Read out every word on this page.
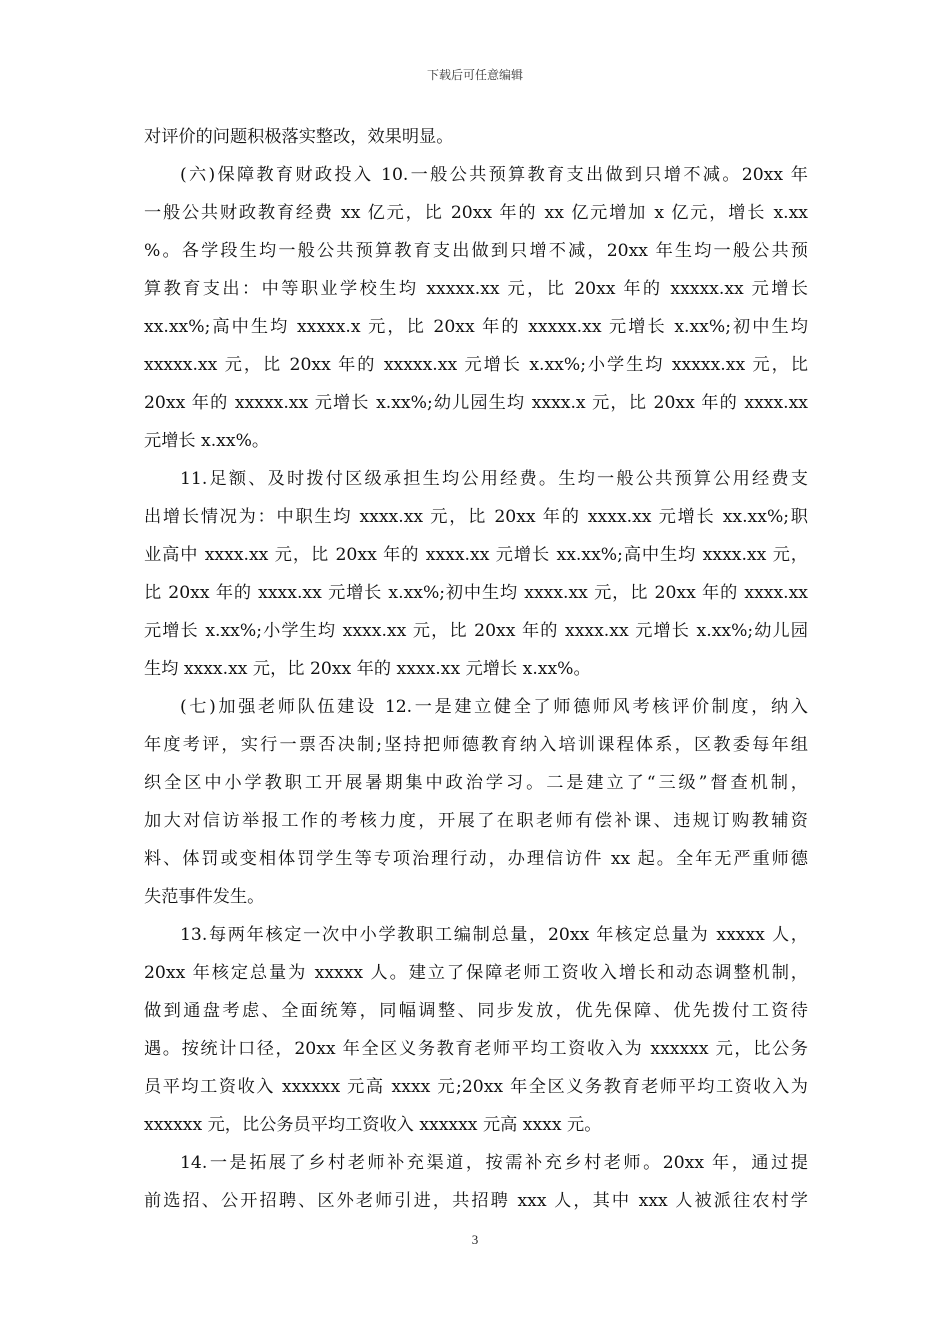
下载后可任意编辑
对评价的问题积极落实整改，效果明显。
(六)保障教育财政投入 10.一般公共预算教育支出做到只增不减。20xx 年
一般公共财政教育经费 xx 亿元，比 20xx 年的 xx 亿元增加 x 亿元，增长 x.xx
%。各学段生均一般公共预算教育支出做到只增不减，20xx 年生均一般公共预
算教育支出：中等职业学校生均 xxxxx.xx 元，比 20xx 年的 xxxxx.xx 元增长
xx.xx%;高中生均 xxxxx.x 元，比 20xx 年的 xxxxx.xx 元增长 x.xx%;初中生均
xxxxx.xx 元，比 20xx 年的 xxxxx.xx 元增长 x.xx%;小学生均 xxxxx.xx 元，比
20xx 年的 xxxxx.xx 元增长 x.xx%;幼儿园生均 xxxx.x 元，比 20xx 年的 xxxx.xx
元增长 x.xx%。
11.足额、及时拨付区级承担生均公用经费。生均一般公共预算公用经费支
出增长情况为：中职生均 xxxx.xx 元，比 20xx 年的 xxxx.xx 元增长 xx.xx%;职
业高中 xxxx.xx 元，比 20xx 年的 xxxx.xx 元增长 xx.xx%;高中生均 xxxx.xx 元，
比 20xx 年的 xxxx.xx 元增长 x.xx%;初中生均 xxxx.xx 元，比 20xx 年的 xxxx.xx
元增长 x.xx%;小学生均 xxxx.xx 元，比 20xx 年的 xxxx.xx 元增长 x.xx%;幼儿园
生均 xxxx.xx 元，比 20xx 年的 xxxx.xx 元增长 x.xx%。
(七)加强老师队伍建设 12.一是建立健全了师德师风考核评价制度，纳入
年度考评，实行一票否决制;坚持把师德教育纳入培训课程体系，区教委每年组
织全区中小学教职工开展暑期集中政治学习。二是建立了“三级”督查机制，
加大对信访举报工作的考核力度，开展了在职老师有偿补课、违规订购教辅资
料、体罚或变相体罚学生等专项治理行动，办理信访件 xx 起。全年无严重师德
失范事件发生。
13.每两年核定一次中小学教职工编制总量，20xx 年核定总量为 xxxxx 人，
20xx 年核定总量为 xxxxx 人。建立了保障老师工资收入增长和动态调整机制，
做到通盘考虑、全面统筹，同幅调整、同步发放，优先保障、优先拨付工资待
遇。按统计口径，20xx 年全区义务教育老师平均工资收入为 xxxxxx 元，比公务
员平均工资收入 xxxxxx 元高 xxxx 元;20xx 年全区义务教育老师平均工资收入为
xxxxxx 元，比公务员平均工资收入 xxxxxx 元高 xxxx 元。
14.一是拓展了乡村老师补充渠道，按需补充乡村老师。20xx 年，通过提
前选招、公开招聘、区外老师引进，共招聘 xxx 人，其中 xxx 人被派往农村学
3
